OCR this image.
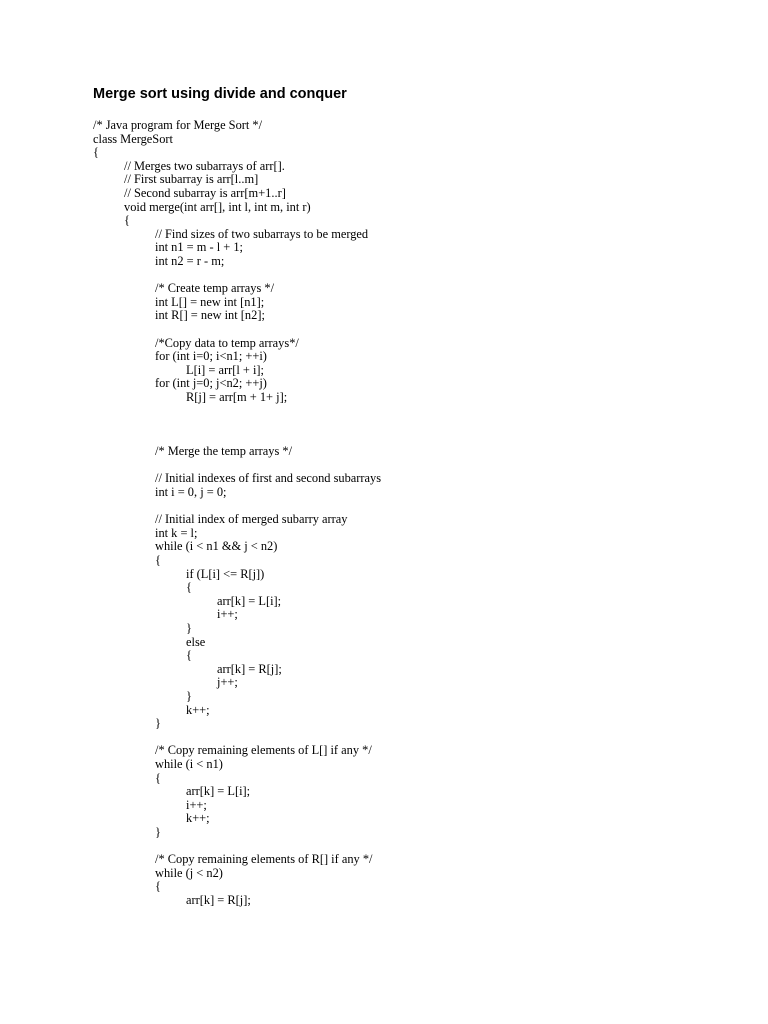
Merge sort using divide and conquer
/* Java program for Merge Sort */
class MergeSort
{
// Merges two subarrays of arr[].
// First subarray is arr[l..m]
// Second subarray is arr[m+1..r]
void merge(int arr[], int l, int m, int r)
{
// Find sizes of two subarrays to be merged
int n1 = m - l + 1;
int n2 = r - m;
/* Create temp arrays */
int L[] = new int [n1];
int R[] = new int [n2];
/*Copy data to temp arrays*/
for (int i=0; i<n1; ++i)
L[i] = arr[l + i];
for (int j=0; j<n2; ++j)
R[j] = arr[m + 1+ j];
/* Merge the temp arrays */
// Initial indexes of first and second subarrays
int i = 0, j = 0;
// Initial index of merged subarry array
int k = l;
while (i < n1 && j < n2)
{
if (L[i] <= R[j])
{
arr[k] = L[i];
i++;
}
else
{
arr[k] = R[j];
j++;
}
k++;
}
/* Copy remaining elements of L[] if any */
while (i < n1)
{
arr[k] = L[i];
i++;
k++;
}
/* Copy remaining elements of R[] if any */
while (j < n2)
{
arr[k] = R[j];
